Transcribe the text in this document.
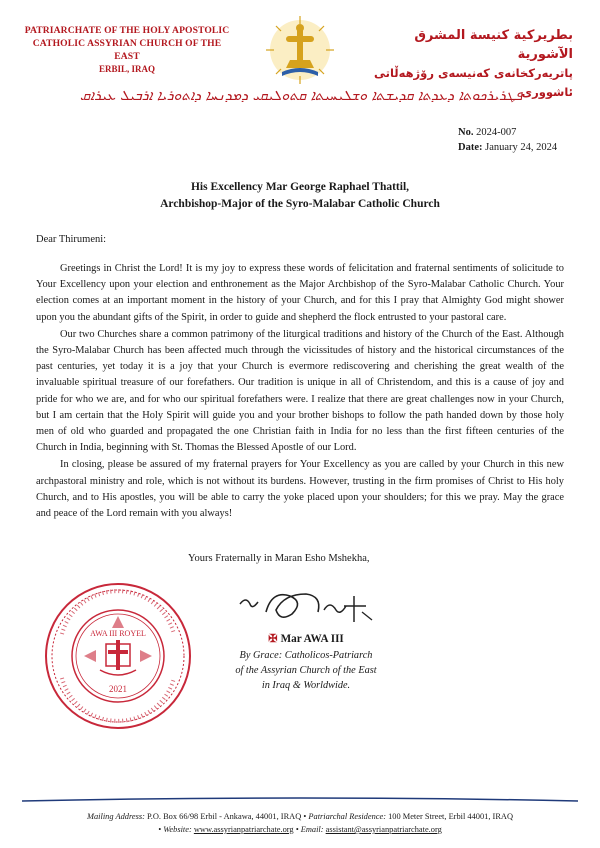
PATRIARCHATE OF THE HOLY APOSTOLIC
CATHOLIC ASSYRIAN CHURCH OF THE EAST
ERBIL, IRAQ
بطريركية كنيسة المشرق الآشورية
پاتریەرکخانەی کەنیسەی رۆژهەڵاتی ئاشووری
ܦܛܪܝܪܟܘܬܐ ܕܥܕܬܐ ܩܕܝܫܬܐ ܘܫܠܝܚܝܬܐ ܩܬܘܠܝܩܝ ܕܡܕܢܚܐ ܕܐܬܘܪܝܐ ܐܪܒܝܠ ܥܝܪܐܩ
No. 2024-007
Date: January 24, 2024
His Excellency Mar George Raphael Thattil,
Archbishop-Major of the Syro-Malabar Catholic Church
Dear Thirumeni:

Greetings in Christ the Lord! It is my joy to express these words of felicitation and fraternal sentiments of solicitude to Your Excellency upon your election and enthronement as the Major Archbishop of the Syro-Malabar Catholic Church. Your election comes at an important moment in the history of your Church, and for this I pray that Almighty God might shower upon you the abundant gifts of the Spirit, in order to guide and shepherd the flock entrusted to your pastoral care.

Our two Churches share a common patrimony of the liturgical traditions and history of the Church of the East. Although the Syro-Malabar Church has been affected much through the vicissitudes of history and the historical circumstances of the past centuries, yet today it is a joy that your Church is evermore rediscovering and cherishing the great wealth of the invaluable spiritual treasure of our forefathers. Our tradition is unique in all of Christendom, and this is a cause of joy and pride for who we are, and for who our spiritual forefathers were. I realize that there are great challenges now in your Church, but I am certain that the Holy Spirit will guide you and your brother bishops to follow the path handed down by those holy men of old who guarded and propagated the one Christian faith in India for no less than the first fifteen centuries of the Church in India, beginning with St. Thomas the Blessed Apostle of our Lord.

In closing, please be assured of my fraternal prayers for Your Excellency as you are called by your Church in this new archpastoral ministry and role, which is not without its burdens. However, trusting in the firm promises of Christ to His holy Church, and to His apostles, you will be able to carry the yoke placed upon your shoulders; for this we pray. May the grace and peace of the Lord remain with you always!

Yours Fraternally in Maran Esho Mshekha,
AWA III ROYEL
2021
✠ Mar AWA III
By Grace: Catholicos-Patriarch
of the Assyrian Church of the East
in Iraq & Worldwide.
Mailing Address: P.O. Box 66/98 Erbil - Ankawa, 44001, IRAQ • Patriarchal Residence: 100 Meter Street, Erbil 44001, IRAQ
• Website: www.assyrianpatriarchate.org • Email: assistant@assyrianpatriarchate.org
